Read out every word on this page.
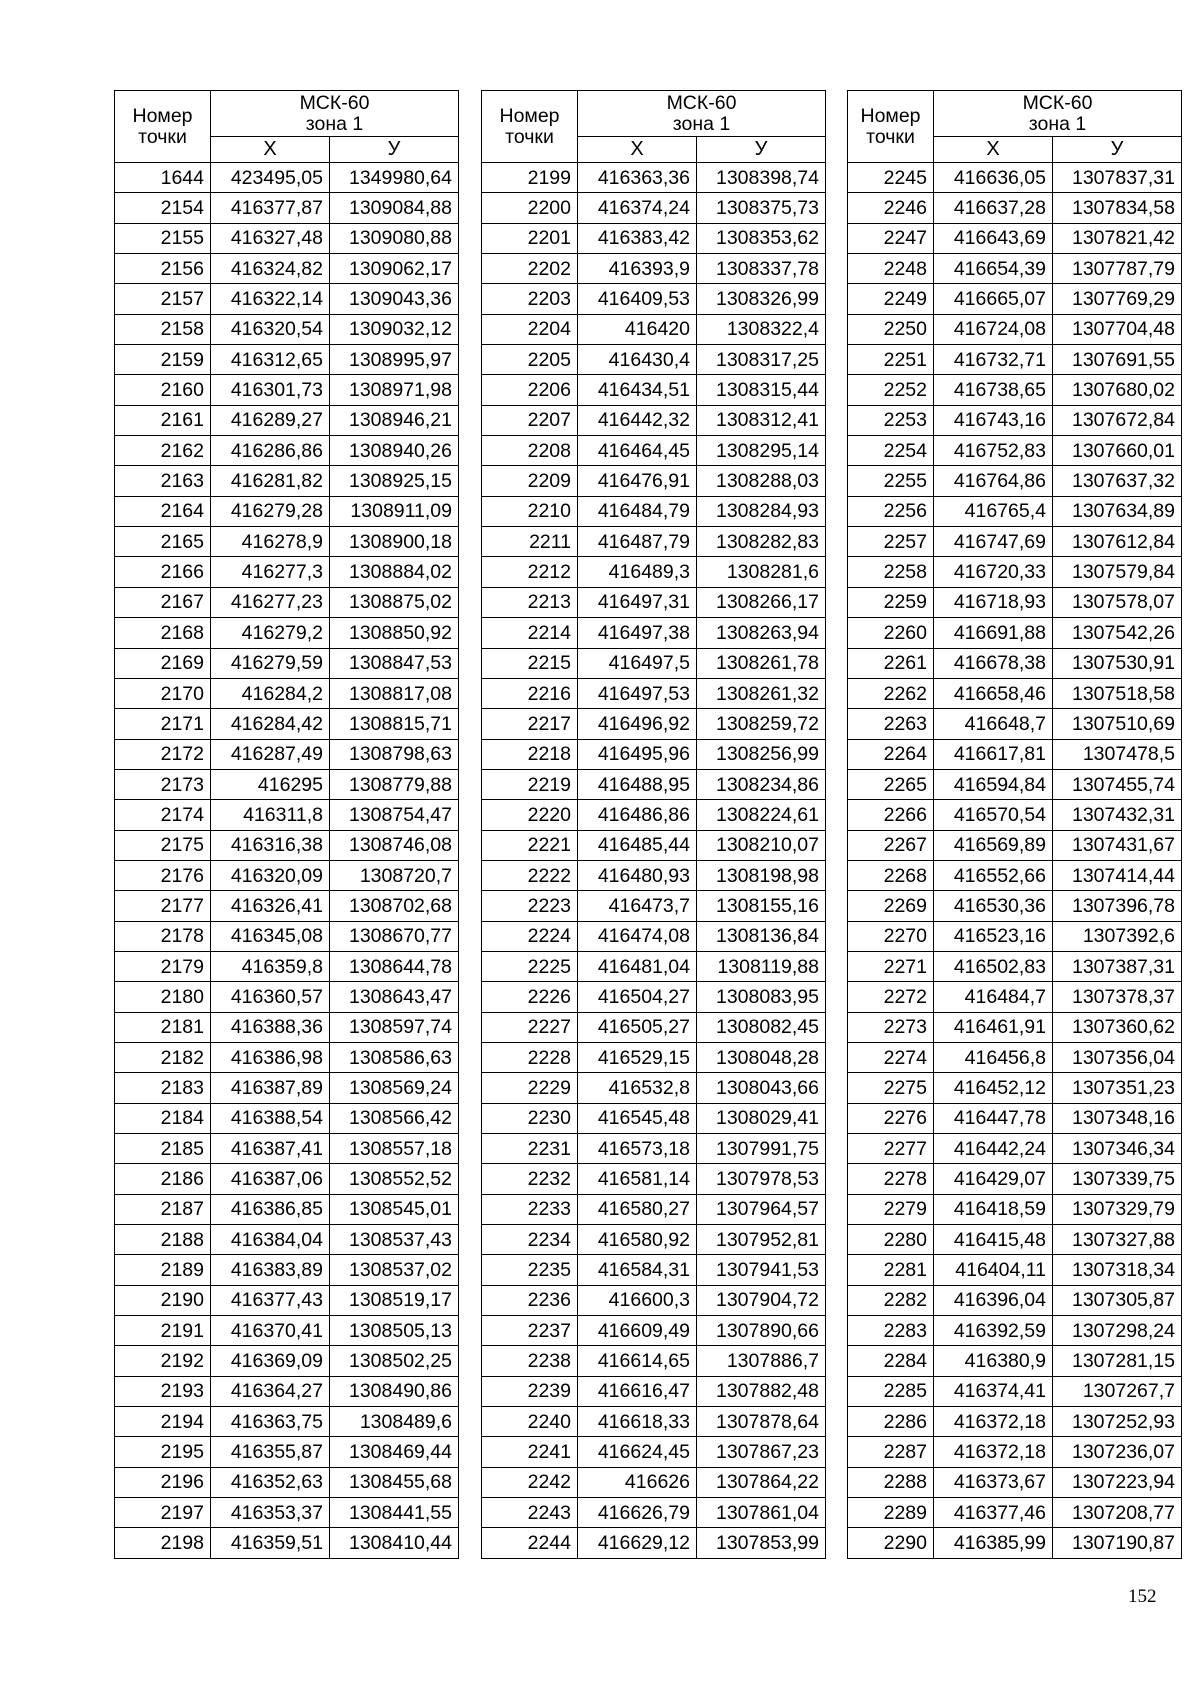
Номер
точки	МСК-60
зона 1	
	X	У
1644	423495,05	1349980,64
2154	416377,87	1309084,88
2155	416327,48	1309080,88
2156	416324,82	1309062,17
2157	416322,14	1309043,36
2158	416320,54	1309032,12
2159	416312,65	1308995,97
2160	416301,73	1308971,98
2161	416289,27	1308946,21
2162	416286,86	1308940,26
2163	416281,82	1308925,15
2164	416279,28	1308911,09
2165	416278,9	1308900,18
2166	416277,3	1308884,02
2167	416277,23	1308875,02
2168	416279,2	1308850,92
2169	416279,59	1308847,53
2170	416284,2	1308817,08
2171	416284,42	1308815,71
2172	416287,49	1308798,63
2173	416295	1308779,88
2174	416311,8	1308754,47
2175	416316,38	1308746,08
2176	416320,09	1308720,7
2177	416326,41	1308702,68
2178	416345,08	1308670,77
2179	416359,8	1308644,78
2180	416360,57	1308643,47
2181	416388,36	1308597,74
2182	416386,98	1308586,63
2183	416387,89	1308569,24
2184	416388,54	1308566,42
2185	416387,41	1308557,18
2186	416387,06	1308552,52
2187	416386,85	1308545,01
2188	416384,04	1308537,43
2189	416383,89	1308537,02
2190	416377,43	1308519,17
2191	416370,41	1308505,13
2192	416369,09	1308502,25
2193	416364,27	1308490,86
2194	416363,75	1308489,6
2195	416355,87	1308469,44
2196	416352,63	1308455,68
2197	416353,37	1308441,55
2198	416359,51	1308410,44
Номер
точки	МСК-60
зона 1	
	X	У
2199	416363,36	1308398,74
2200	416374,24	1308375,73
2201	416383,42	1308353,62
2202	416393,9	1308337,78
2203	416409,53	1308326,99
2204	416420	1308322,4
2205	416430,4	1308317,25
2206	416434,51	1308315,44
2207	416442,32	1308312,41
2208	416464,45	1308295,14
2209	416476,91	1308288,03
2210	416484,79	1308284,93
2211	416487,79	1308282,83
2212	416489,3	1308281,6
2213	416497,31	1308266,17
2214	416497,38	1308263,94
2215	416497,5	1308261,78
2216	416497,53	1308261,32
2217	416496,92	1308259,72
2218	416495,96	1308256,99
2219	416488,95	1308234,86
2220	416486,86	1308224,61
2221	416485,44	1308210,07
2222	416480,93	1308198,98
2223	416473,7	1308155,16
2224	416474,08	1308136,84
2225	416481,04	1308119,88
2226	416504,27	1308083,95
2227	416505,27	1308082,45
2228	416529,15	1308048,28
2229	416532,8	1308043,66
2230	416545,48	1308029,41
2231	416573,18	1307991,75
2232	416581,14	1307978,53
2233	416580,27	1307964,57
2234	416580,92	1307952,81
2235	416584,31	1307941,53
2236	416600,3	1307904,72
2237	416609,49	1307890,66
2238	416614,65	1307886,7
2239	416616,47	1307882,48
2240	416618,33	1307878,64
2241	416624,45	1307867,23
2242	416626	1307864,22
2243	416626,79	1307861,04
2244	416629,12	1307853,99
Номер
точки	МСК-60
зона 1	
	X	У
2245	416636,05	1307837,31
2246	416637,28	1307834,58
2247	416643,69	1307821,42
2248	416654,39	1307787,79
2249	416665,07	1307769,29
2250	416724,08	1307704,48
2251	416732,71	1307691,55
2252	416738,65	1307680,02
2253	416743,16	1307672,84
2254	416752,83	1307660,01
2255	416764,86	1307637,32
2256	416765,4	1307634,89
2257	416747,69	1307612,84
2258	416720,33	1307579,84
2259	416718,93	1307578,07
2260	416691,88	1307542,26
2261	416678,38	1307530,91
2262	416658,46	1307518,58
2263	416648,7	1307510,69
2264	416617,81	1307478,5
2265	416594,84	1307455,74
2266	416570,54	1307432,31
2267	416569,89	1307431,67
2268	416552,66	1307414,44
2269	416530,36	1307396,78
2270	416523,16	1307392,6
2271	416502,83	1307387,31
2272	416484,7	1307378,37
2273	416461,91	1307360,62
2274	416456,8	1307356,04
2275	416452,12	1307351,23
2276	416447,78	1307348,16
2277	416442,24	1307346,34
2278	416429,07	1307339,75
2279	416418,59	1307329,79
2280	416415,48	1307327,88
2281	416404,11	1307318,34
2282	416396,04	1307305,87
2283	416392,59	1307298,24
2284	416380,9	1307281,15
2285	416374,41	1307267,7
2286	416372,18	1307252,93
2287	416372,18	1307236,07
2288	416373,67	1307223,94
2289	416377,46	1307208,77
2290	416385,99	1307190,87
152
